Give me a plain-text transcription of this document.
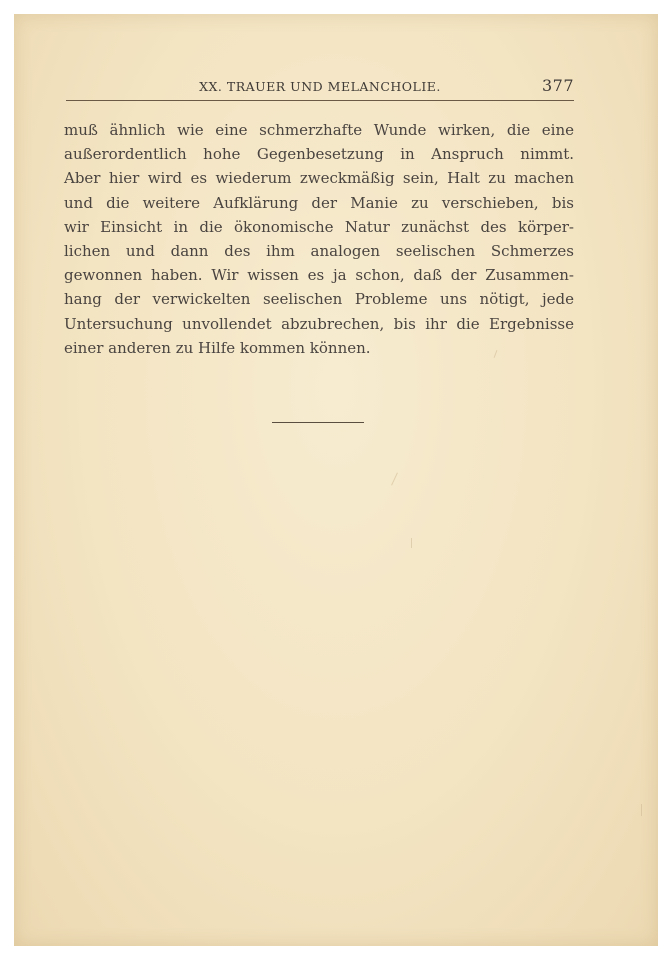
XX. TRAUER UND MELANCHOLIE.	377
muß ähnlich wie eine schmerzhafte Wunde wirken, die eine
außerordentlich hohe Gegenbesetzung in Anspruch nimmt.
Aber hier wird es wiederum zweckmäßig sein, Halt zu machen
und die weitere Aufklärung der Manie zu verschieben, bis
wir Einsicht in die ökonomische Natur zunächst des körper-
lichen und dann des ihm analogen seelischen Schmerzes
gewonnen haben. Wir wissen es ja schon, daß der Zusammen-
hang der verwickelten seelischen Probleme uns nötigt, jede
Untersuchung unvollendet abzubrechen, bis ihr die Ergebnisse
einer anderen zu Hilfe kommen können.
